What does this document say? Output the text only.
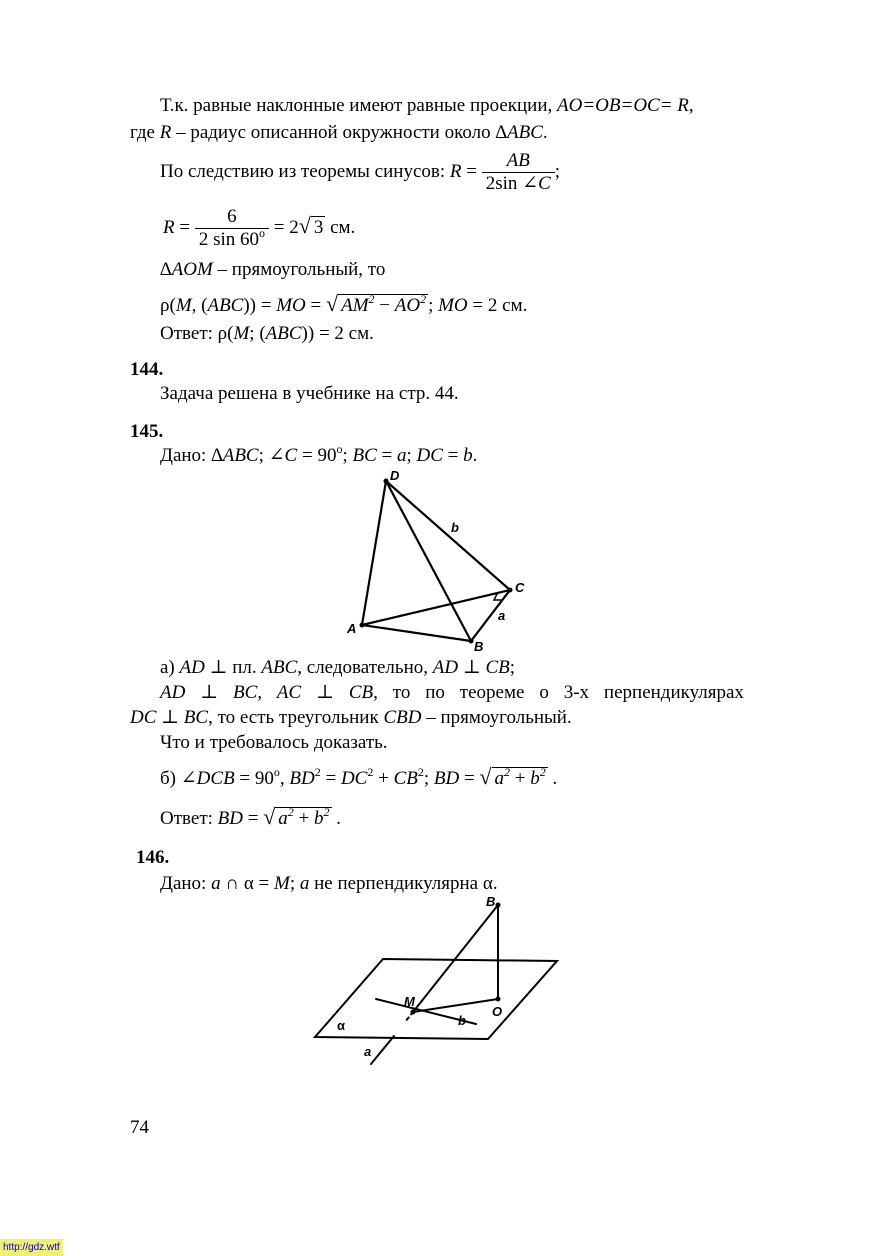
Т.к. равные наклонные имеют равные проекции, AO=OB=OC= R,
где R – радиус описанной окружности около ∆ABC.
По следствию из теоремы синусов: $R = \frac{AB}{2\sin \angle C}$ ;
$R = \frac{6}{2 \sin 60^o} = 2√$ 3 см.
∆AOM – прямоугольный, то
ρ(M, (ABC)) = MO = √ $AM^2 - AO^2$ ; MO = 2 см.
Ответ: ρ(M; (ABC)) = 2 см.
144.
Задача решена в учебнике на стр. 44.
145.
Дано: ∆ABC; ∠C = $90^o$; BC = a; DC = b.
D
C
A
B
a
b
B
M
O
b
α
a
а) AD ⊥ пл. ABC, следовательно, AD ⊥ CB;
AD ⊥ BC, AC ⊥ CB, то по теореме о 3-х перпендикулярах
DC ⊥ BC, то есть треугольник CBD – прямоугольный.
Что и требовалось доказать.
б) ∠DCB = $90^o$, $BD^2 = DC^2 + CB^2$; BD = √ $a^2 + b^2$ .
Ответ: BD = √ $a^2 + b^2$ .
146.
Дано: a ∩ α = M; a не перпендикулярна α.
74
http://gdz.wtf
